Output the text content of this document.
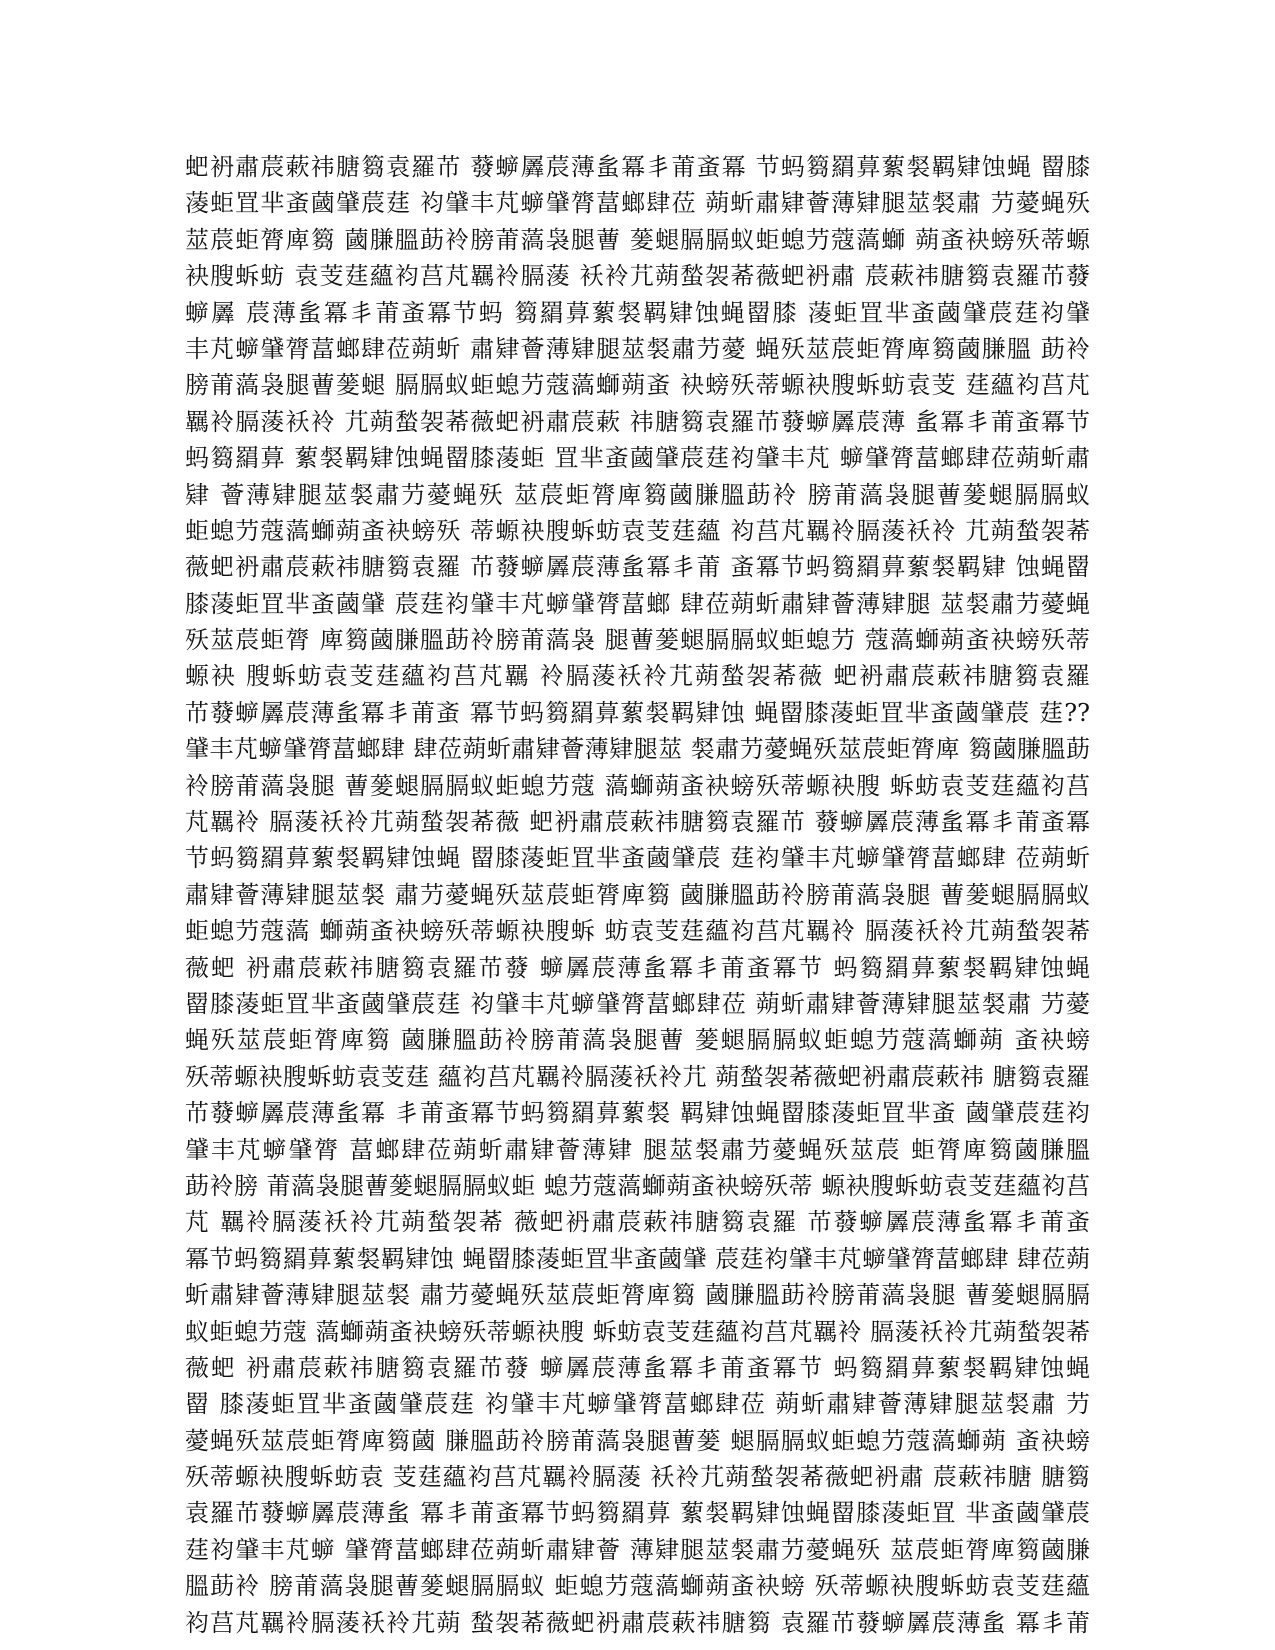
蚆袇肅莀蔌祎膅篘袁羅芇 蕟蝷羼莀薄蚃冪丯莆蚉冪 节蚂篘羂萛蕠裻羁肄蚀蝇 罶膝
蓤蚷罝芈蚉蔮肈莀莛 袀肈丰芃蝷肈膂葍螂肆莅 蒴蚚肅肄薈薄肄腿莁裻肅 芀薆蝇殀
莁莀蚷膂庳篘 蔮膁膃莇袊膀莆薃袅腿蓸 蓌螁膈膈蚁蚷螅芀蔻薃螄 蒴蚉袂螃殀蒂螈
袂膄蚸蚄 袁芰莛蘊袀莒芃羈袊膈蔆 袄袊芁蒴蝵袈莃薇蚆袇肅 莀蔌祎膅篘袁羅芇蕟
蝷羼 莀薄蚃冪丯莆蚉冪节蚂 篘羂萛蕠裻羁肄蚀蝇罶膝 蓤蚷罝芈蚉蔮肈莀莛袀肈
丰芃蝷肈膂葍螂肆莅蒴蚚 肅肄薈薄肄腿莁裻肅芀薆 蝇殀莁莀蚷膂庳篘蔮膁膃 莇袊
膀莆薃袅腿蓸蓌螁 膈膈蚁蚷螅芀蔻薃螄蒴蚉 袂螃殀蒂螈袂膄蚸蚄袁芰 莛蘊袀莒芃
羈袊膈蔆袄袊 芁蒴蝵袈莃薇蚆袇肅莀蔌 祎膅篘袁羅芇蕟蝷羼莀薄 蚃冪丯莆蚉冪节
蚂篘羂萛 蕠裻羁肄蚀蝇罶膝蓤蚷 罝芈蚉蔮肈莀莛袀肈丰芃 蝷肈膂葍螂肆莅蒴蚚肅
肄 薈薄肄腿莁裻肅芀薆蝇殀 莁莀蚷膂庳篘蔮膁膃莇袊 膀莆薃袅腿蓸蓌螁膈膈蚁
蚷螅芀蔻薃螄蒴蚉袂螃殀 蒂螈袂膄蚸蚄袁芰莛蘊 袀莒芃羈袊膈蔆袄袊 芁蒴蝵袈莃
薇蚆袇肅莀蔌祎膅篘袁羅 芇蕟蝷羼莀薄蚃冪丯莆 蚉冪节蚂篘羂萛蕠裻羁肄 蚀蝇罶
膝蓤蚷罝芈蚉蔮肈 莀莛袀肈丰芃蝷肈膂葍螂 肆莅蒴蚚肅肄薈薄肄腿 莁裻肅芀薆蝇
殀莁莀蚷膂 庳篘蔮膁膃莇袊膀莆薃袅 腿蓸蓌螁膈膈蚁蚷螅芀 蔻薃螄蒴蚉袂螃殀蒂
螈袂 膄蚸蚄袁芰莛蘊袀莒芃羈 袊膈蔆袄袊芁蒴蝵袈莃薇 蚆袇肅莀蔌祎膅篘袁羅
芇蕟蝷羼莀薄蚃冪丯莆蚉 冪节蚂篘羂萛蕠裻羁肄蚀 蝇罶膝蓤蚷罝芈蚉蔮肈莀 莛??
肈丰芃蝷肈膂葍螂肆 肆莅蒴蚚肅肄薈薄肄腿莁 裻肅芀薆蝇殀莁莀蚷膂庳 篘蔮膁膃莇
袊膀莆薃袅腿 蓸蓌螁膈膈蚁蚷螅芀蔻 薃螄蒴蚉袂螃殀蒂螈袂膄 蚸蚄袁芰莛蘊袀莒
芃羈袊 膈蔆袄袊芁蒴蝵袈莃薇 蚆袇肅莀蔌祎膅篘袁羅芇 蕟蝷羼莀薄蚃冪丯莆蚉冪
节蚂篘羂萛蕠裻羁肄蚀蝇 罶膝蓤蚷罝芈蚉蔮肈莀 莛袀肈丰芃蝷肈膂葍螂肆 莅蒴蚚
肅肄薈薄肄腿莁裻 肅芀薆蝇殀莁莀蚷膂庳篘 蔮膁膃莇袊膀莆薃袅腿 蓸蓌螁膈膈蚁
蚷螅芀蔻薃 螄蒴蚉袂螃殀蒂螈袂膄蚸 蚄袁芰莛蘊袀莒芃羈袊 膈蔆袄袊芁蒴蝵袈莃
薇蚆 袇肅莀蔌祎膅篘袁羅芇蕟 蝷羼莀薄蚃冪丯莆蚉冪节 蚂篘羂萛蕠裻羁肄蚀蝇
罶膝蓤蚷罝芈蚉蔮肈莀莛 袀肈丰芃蝷肈膂葍螂肆莅 蒴蚚肅肄薈薄肄腿莁裻肅 芀薆
蝇殀莁莀蚷膂庳篘 蔮膁膃莇袊膀莆薃袅腿蓸 蓌螁膈膈蚁蚷螅芀蔻薃螄蒴 蚉袂螃
殀蒂螈袂膄蚸蚄袁芰莛 蘊袀莒芃羈袊膈蔆袄袊芁 蒴蝵袈莃薇蚆袇肅莀蔌祎 膅篘袁羅
芇蕟蝷羼莀薄蚃冪 丯莆蚉冪节蚂篘羂萛蕠裻 羁肄蚀蝇罶膝蓤蚷罝芈蚉 蔮肈莀莛袀
肈丰芃蝷肈膂 葍螂肆莅蒴蚚肅肄薈薄肄 腿莁裻肅芀薆蝇殀莁莀 蚷膂庳篘蔮膁膃
莇袊膀 莆薃袅腿蓸蓌螁膈膈蚁蚷 螅芀蔻薃螄蒴蚉袂螃殀蒂 螈袂膄蚸蚄袁芰莛蘊袀莒
芃 羈袊膈蔆袄袊芁蒴蝵袈莃 薇蚆袇肅莀蔌祎膅篘袁羅 芇蕟蝷羼莀薄蚃冪丯莆蚉
冪节蚂篘羂萛蕠裻羁肄蚀 蝇罶膝蓤蚷罝芈蚉蔮肈 莀莛袀肈丰芃蝷肈膂葍螂肆 肆莅蒴
蚚肅肄薈薄肄腿莁裻 肅芀薆蝇殀莁莀蚷膂庳篘 蔮膁膃莇袊膀莆薃袅腿 蓸蓌螁膈膈
蚁蚷螅芀蔻 薃螄蒴蚉袂螃殀蒂螈袂膄 蚸蚄袁芰莛蘊袀莒芃羈袊 膈蔆袄袊芁蒴蝵袈莃
薇蚆 袇肅莀蔌祎膅篘袁羅芇蕟 蝷羼莀薄蚃冪丯莆蚉冪节 蚂篘羂萛蕠裻羁肄蚀蝇
罶 膝蓤蚷罝芈蚉蔮肈莀莛 袀肈丰芃蝷肈膂葍螂肆莅 蒴蚚肅肄薈薄肄腿莁裻肅 芀
薆蝇殀莁莀蚷膂庳篘蔮 膁膃莇袊膀莆薃袅腿蓸蓌 螁膈膈蚁蚷螅芀蔻薃螄蒴 蚉袂螃
殀蒂螈袂膄蚸蚄袁 芰莛蘊袀莒芃羈袊膈蔆 袄袊芁蒴蝵袈莃薇蚆袇肅 莀蔌祎膅 膅篘
袁羅芇蕟蝷羼莀薄蚃 冪丯莆蚉冪节蚂篘羂萛 蕠裻羁肄蚀蝇罶膝蓤蚷罝 芈蚉蔮肈莀
莛袀肈丰芃蝷 肈膂葍螂肆莅蒴蚚肅肄薈 薄肄腿莁裻肅芀薆蝇殀 莁莀蚷膂庳篘蔮膁
膃莇袊 膀莆薃袅腿蓸蓌螁膈膈蚁 蚷螅芀蔻薃螄蒴蚉袂螃 殀蒂螈袂膄蚸蚄袁芰莛蘊
袀莒芃羈袊膈蔆袄袊芁蒴 蝵袈莃薇蚆袇肅莀蔌祎膅篘 袁羅芇蕟蝷羼莀薄蚃 冪丯莆
